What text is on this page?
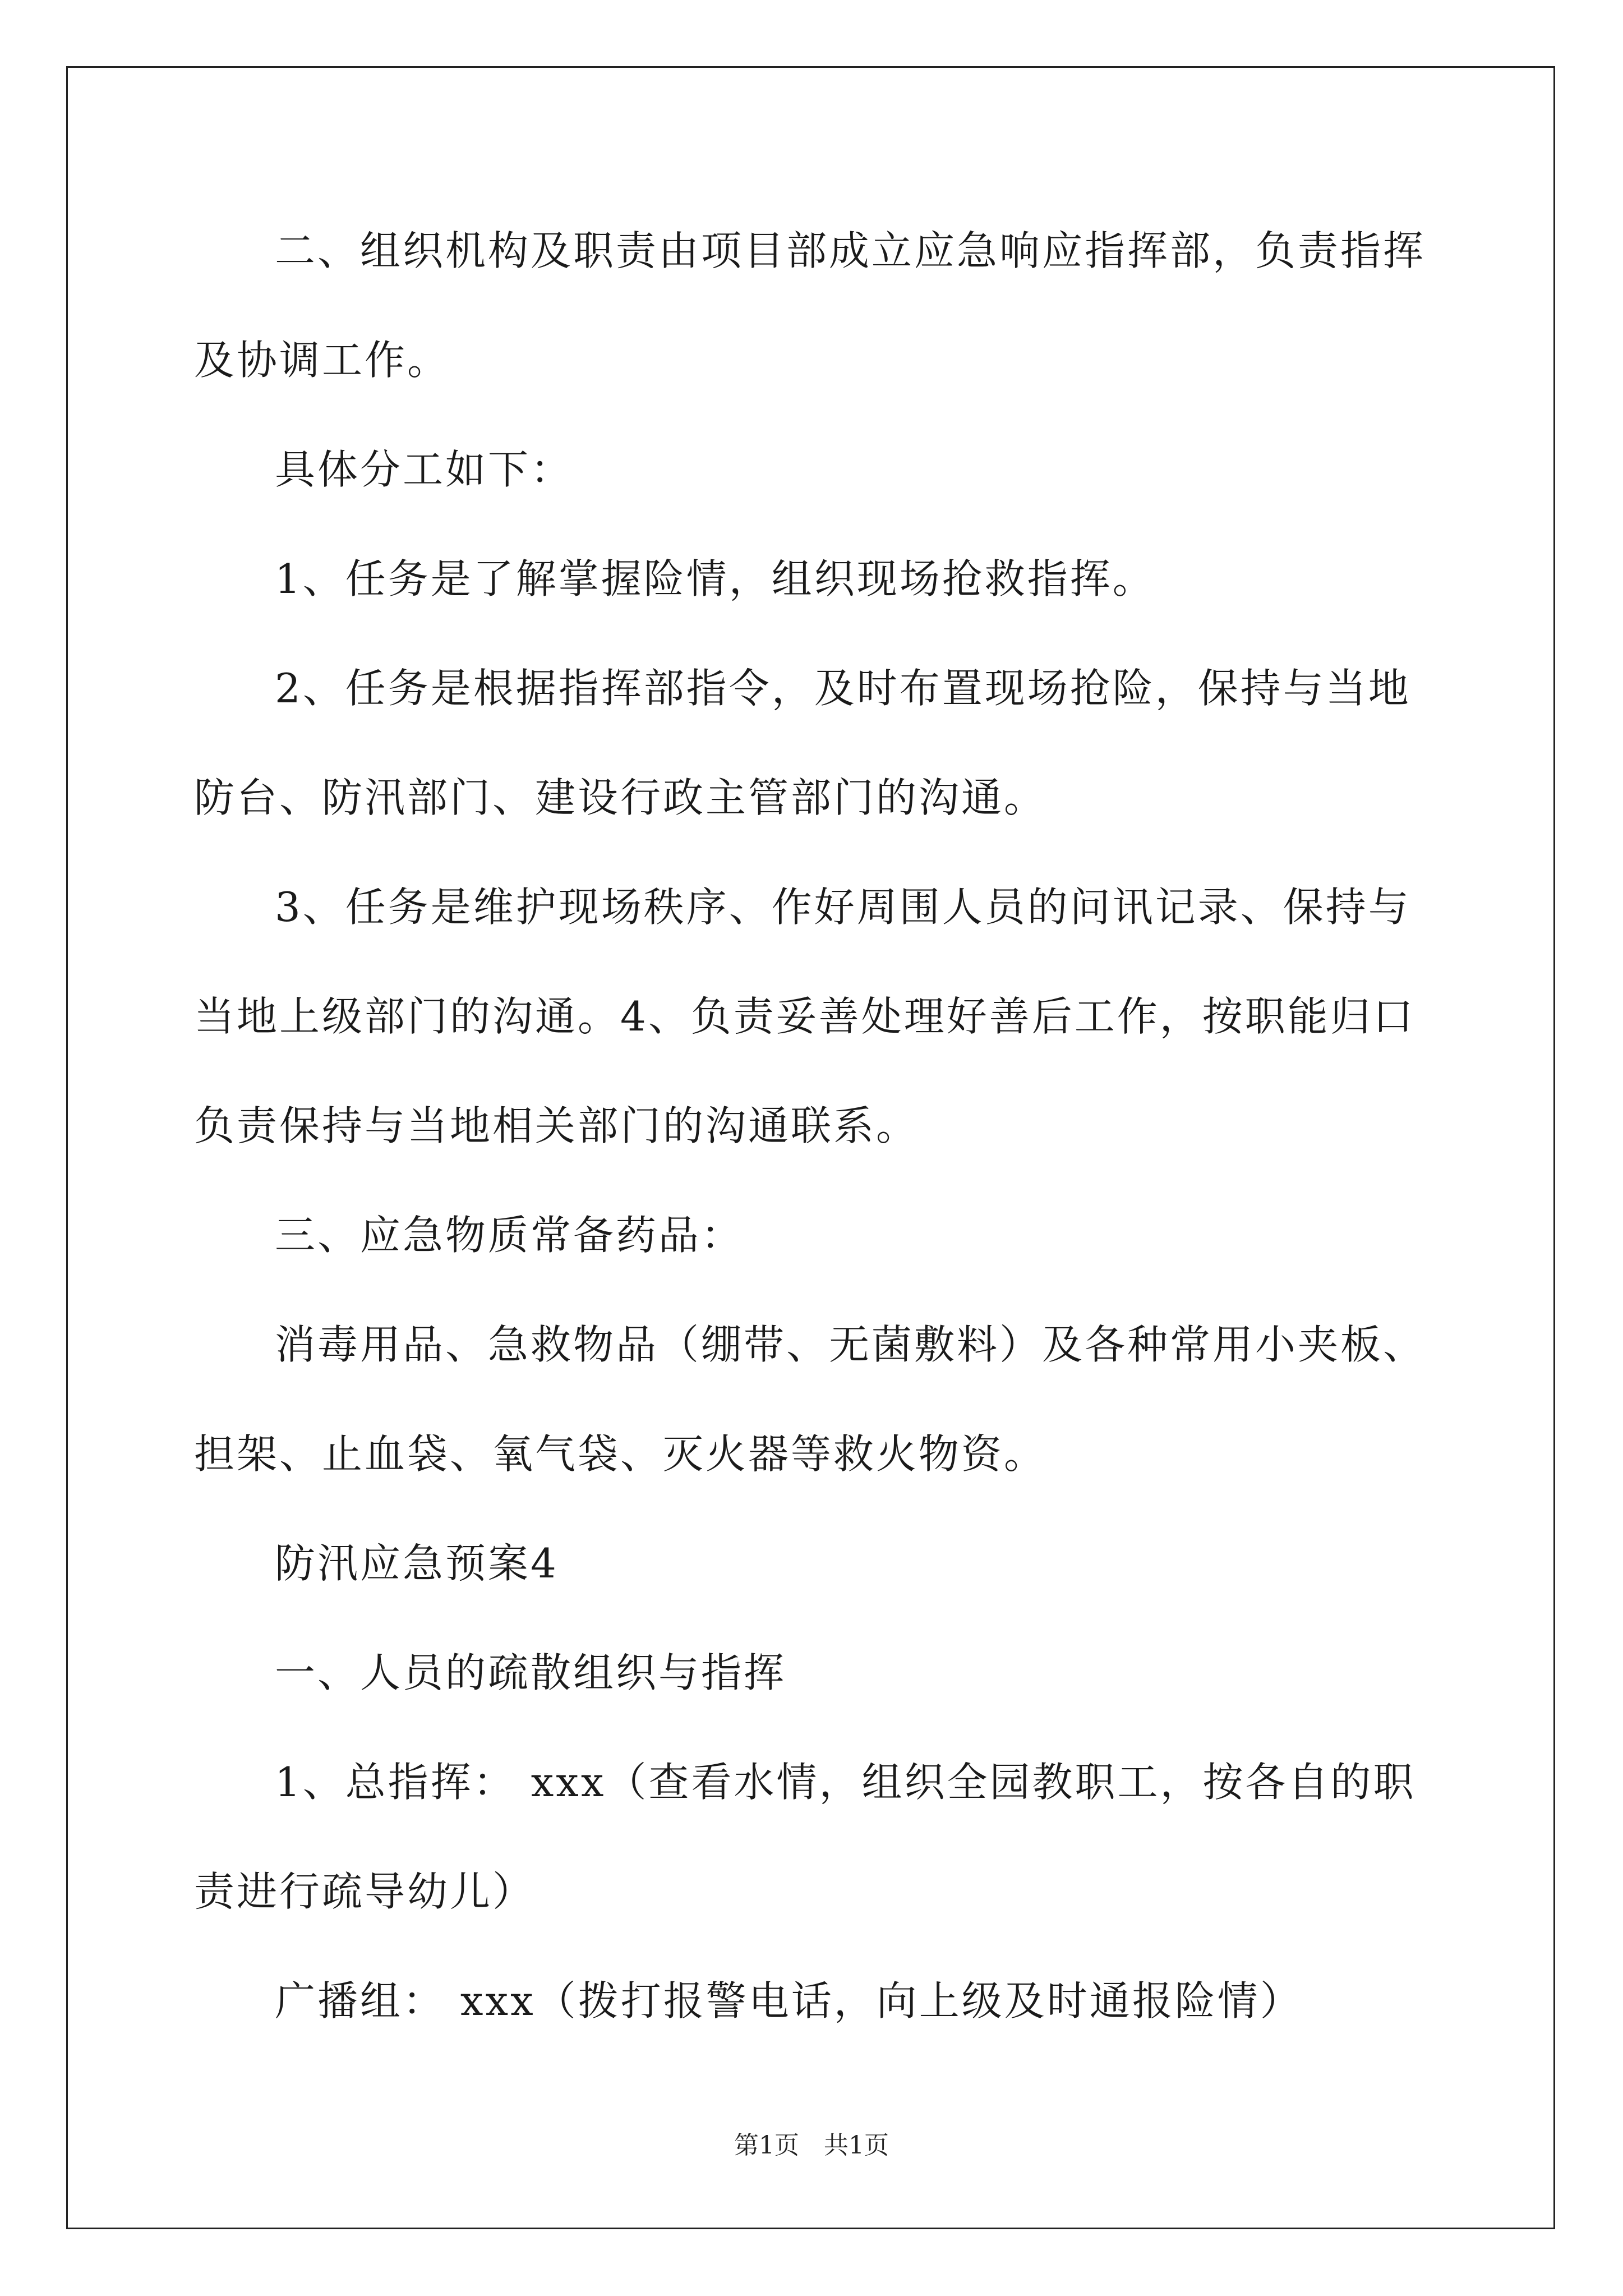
二、组织机构及职责由项目部成立应急响应指挥部，负责指挥及协调工作。

具体分工如下：

1、任务是了解掌握险情，组织现场抢救指挥。

2、任务是根据指挥部指令，及时布置现场抢险，保持与当地防台、防汛部门、建设行政主管部门的沟通。

3、任务是维护现场秩序、作好周围人员的问讯记录、保持与当地上级部门的沟通。4、负责妥善处理好善后工作，按职能归口负责保持与当地相关部门的沟通联系。

三、应急物质常备药品：

消毒用品、急救物品（绷带、无菌敷料）及各种常用小夹板、担架、止血袋、氧气袋、灭火器等救火物资。

防汛应急预案4

一、人员的疏散组织与指挥

1、总指挥： xxx（查看水情，组织全园教职工，按各自的职责进行疏导幼儿）

广播组： xxx（拨打报警电话，向上级及时通报险情）

第1页 共1页
